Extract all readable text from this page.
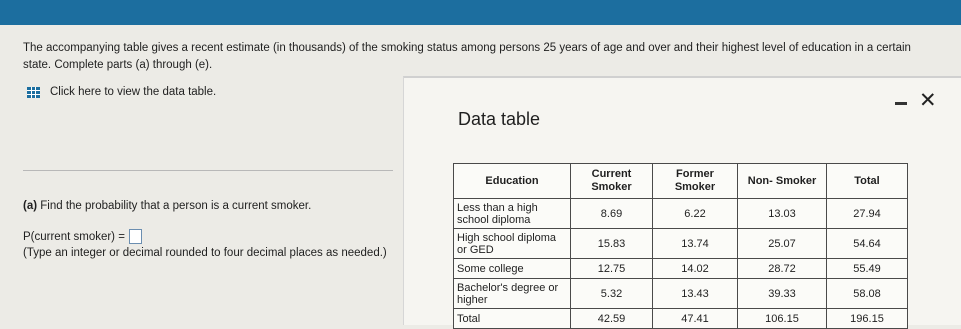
The accompanying table gives a recent estimate (in thousands) of the smoking status among persons 25 years of age and over and their highest level of education in a certain state. Complete parts (a) through (e).
Click here to view the data table.
(a) Find the probability that a person is a current smoker.
P(current smoker) =
(Type an integer or decimal rounded to four decimal places as needed.)
Data table
✕
Education	Current Smoker	Former Smoker	Non- Smoker	Total
Less than a high school diploma	8.69	6.22	13.03	27.94
High school diploma or GED	15.83	13.74	25.07	54.64
Some college	12.75	14.02	28.72	55.49
Bachelor's degree or higher	5.32	13.43	39.33	58.08
Total	42.59	47.41	106.15	196.15
